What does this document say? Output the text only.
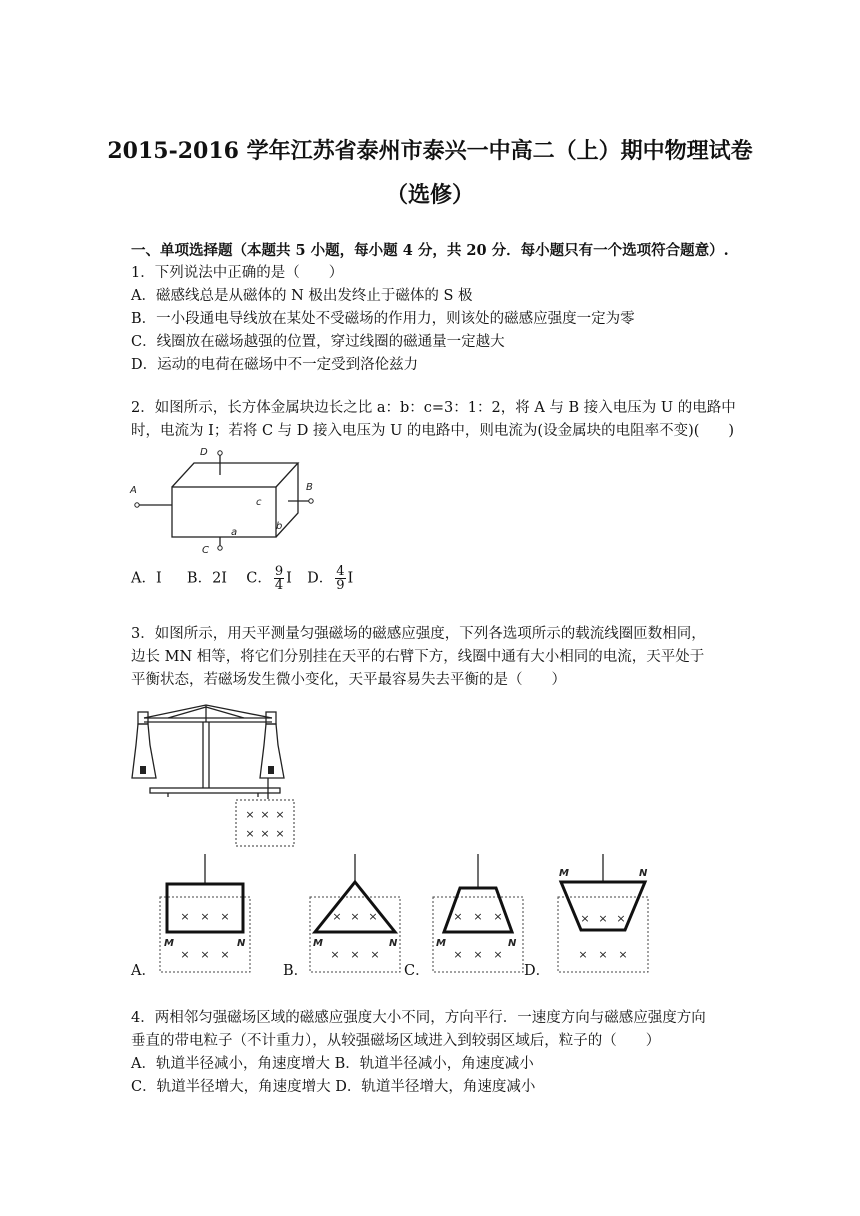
2015-2016 学年江苏省泰州市泰兴一中高二（上）期中物理试卷
（选修）
一、单项选择题（本题共 5 小题，每小题 4 分，共 20 分．每小题只有一个选项符合题意）.
1．下列说法中正确的是（　　）
A．磁感线总是从磁体的 N 极出发终止于磁体的 S 极
B．一小段通电导线放在某处不受磁场的作用力，则该处的磁感应强度一定为零
C．线圈放在磁场越强的位置，穿过线圈的磁通量一定越大
D．运动的电荷在磁场中不一定受到洛伦兹力
2．如图所示，长方体金属块边长之比 a：b：c=3：1：2，将 A 与 B 接入电压为 U 的电路中
时，电流为 I；若将 C 与 D 接入电压为 U 的电路中，则电流为(设金属块的电阻率不变)(　　)
A	B
D
C
a
b
c
A．I B．2I C． $\frac{9}{4}$ I D． $\frac{4}{9}$ I
3．如图所示，用天平测量匀强磁场的磁感应强度，下列各选项所示的载流线圈匝数相同，
边长 MN 相等，将它们分别挂在天平的右臂下方，线圈中通有大小相同的电流，天平处于
平衡状态，若磁场发生微小变化，天平最容易失去平衡的是（　　）
× × ×
× × ×
× × ×
× × ×
M	N
A．
× × ×
× × ×
M	N
B．
× × ×
× × ×
M	N
C．
× × ×
× × ×
M	N
D．
4．两相邻匀强磁场区域的磁感应强度大小不同，方向平行．一速度方向与磁感应强度方向
垂直的带电粒子（不计重力），从较强磁场区域进入到较弱区域后，粒子的（　　）
A．轨道半径减小，角速度增大 B．轨道半径减小，角速度减小
C．轨道半径增大，角速度增大 D．轨道半径增大，角速度减小
